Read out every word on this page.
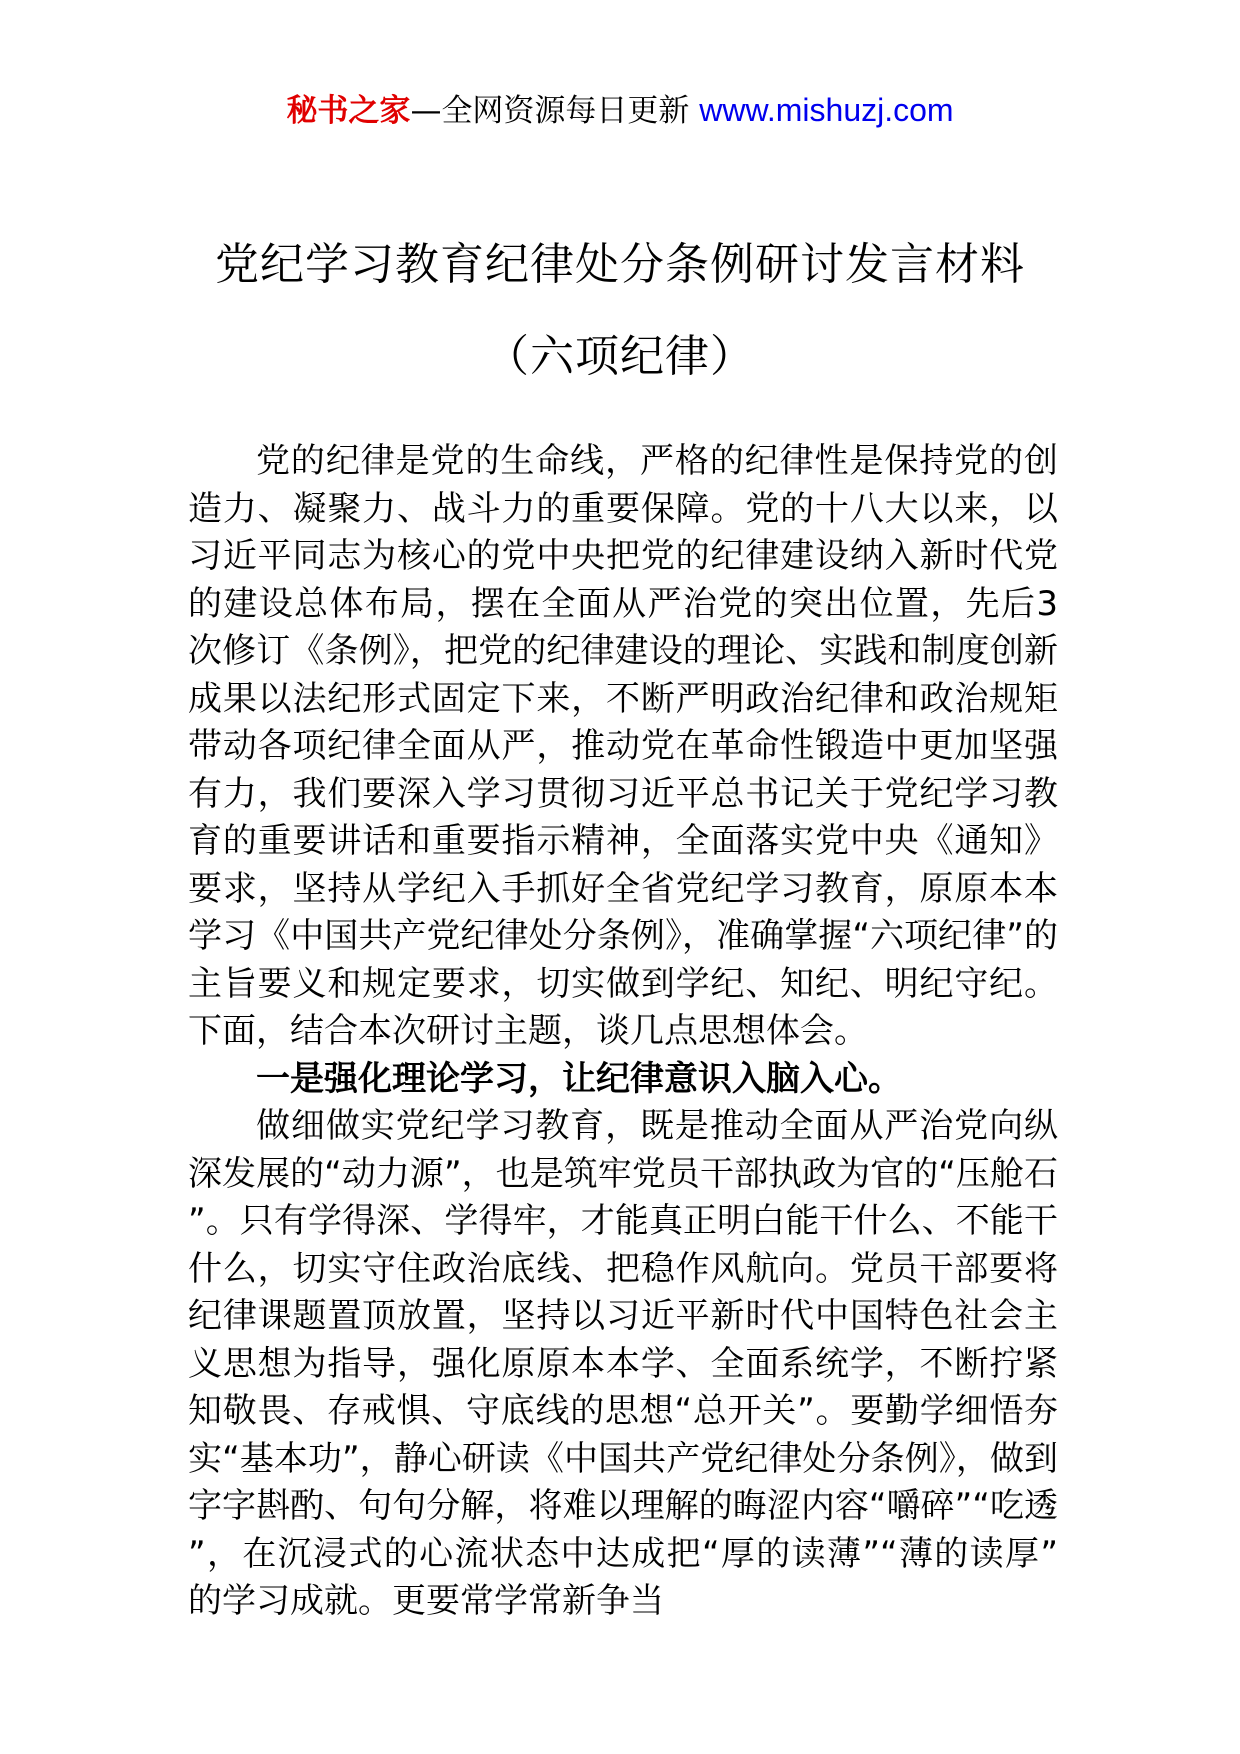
秘书之家—全网资源每日更新 www.mishuzj.com
党纪学习教育纪律处分条例研讨发言材料
（六项纪律）

党的纪律是党的生命线，严格的纪律性是保持党的创造力、凝聚力、战斗力的重要保障。党的十八大以来，以习近平同志为核心的党中央把党的纪律建设纳入新时代党的建设总体布局，摆在全面从严治党的突出位置，先后3次修订《条例》，把党的纪律建设的理论、实践和制度创新成果以法纪形式固定下来，不断严明政治纪律和政治规矩带动各项纪律全面从严，推动党在革命性锻造中更加坚强有力，我们要深入学习贯彻习近平总书记关于党纪学习教育的重要讲话和重要指示精神，全面落实党中央《通知》要求，坚持从学纪入手抓好全省党纪学习教育，原原本本学习《中国共产党纪律处分条例》，准确掌握“六项纪律”的主旨要义和规定要求，切实做到学纪、知纪、明纪守纪。下面，结合本次研讨主题，谈几点思想体会。

一是强化理论学习，让纪律意识入脑入心。

做细做实党纪学习教育，既是推动全面从严治党向纵深发展的“动力源”，也是筑牢党员干部执政为官的“压舱石”。只有学得深、学得牢，才能真正明白能干什么、不能干什么，切实守住政治底线、把稳作风航向。党员干部要将纪律课题置顶放置，坚持以习近平新时代中国特色社会主义思想为指导，强化原原本本学、全面系统学，不断拧紧知敬畏、存戒惧、守底线的思想“总开关”。要勤学细悟夯实“基本功”，静心研读《中国共产党纪律处分条例》，做到字字斟酌、句句分解，将难以理解的晦涩内容“嚼碎”“吃透”，在沉浸式的心流状态中达成把“厚的读薄”“薄的读厚”的学习成就。更要常学常新争当
